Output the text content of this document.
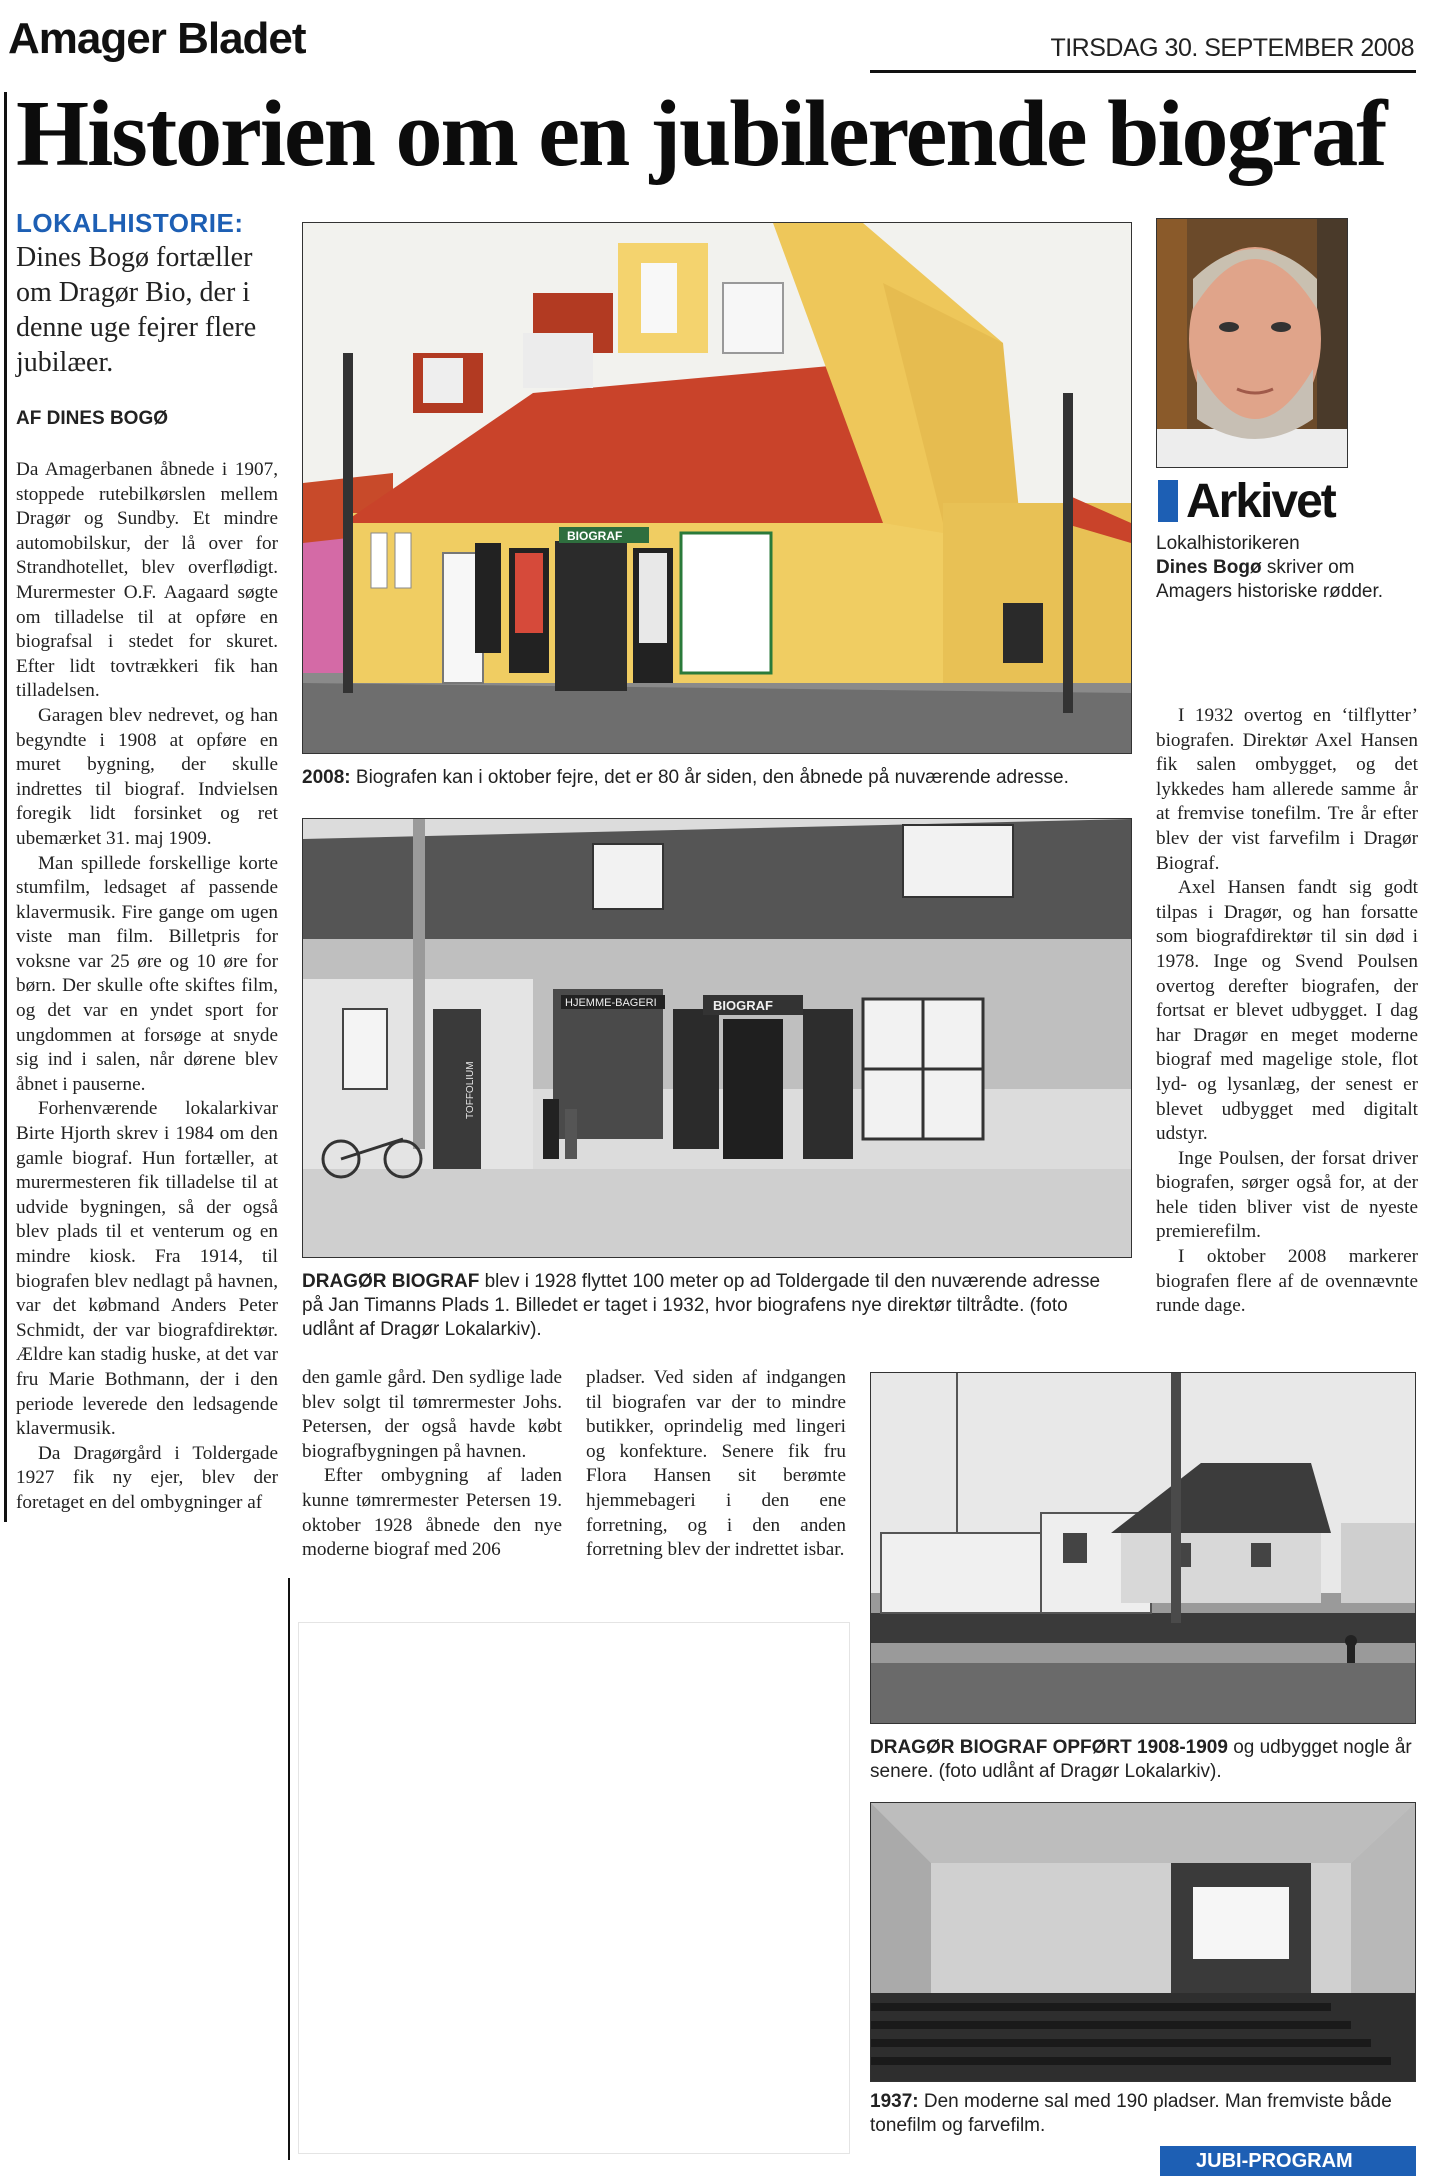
Amager Bladet	TIRSDAG 30. SEPTEMBER 2008
Historien om en jubilerende biograf
LOKALHISTORIE:
Dines Bogø fortæller om Dragør Bio, der i denne uge fejrer flere jubilæer.
AF DINES BOGØ

Da Amagerbanen åbnede i 1907, stoppede rutebilkørslen mellem Dragør og Sundby. Et mindre automobilskur, der lå over for Strandhotellet, blev overflødigt. Murermester O.F. Aagaard søgte om tilladelse til at opføre en biografsal i stedet for skuret. Efter lidt tovtrækkeri fik han tilladelsen.

Garagen blev nedrevet, og han begyndte i 1908 at opføre en muret bygning, der skulle indrettes til biograf. Indvielsen foregik lidt forsinket og ret ubemærket 31. maj 1909.

Man spillede forskellige korte stumfilm, ledsaget af passende klavermusik. Fire gange om ugen viste man film. Billetpris for voksne var 25 øre og 10 øre for børn. Der skulle ofte skiftes film, og det var en yndet sport for ungdommen at forsøge at snyde sig ind i salen, når dørene blev åbnet i pauserne.

Forhenværende lokalarkivar Birte Hjorth skrev i 1984 om den gamle biograf. Hun fortæller, at murermesteren fik tilladelse til at udvide bygningen, så der også blev plads til et venterum og en mindre kiosk. Fra 1914, til biografen blev nedlagt på havnen, var det købmand Anders Peter Schmidt, der var biografdirektør. Ældre kan stadig huske, at det var fru Marie Bothmann, der i den periode leverede den ledsagende klavermusik.

Da Dragørgård i Toldergade 1927 fik ny ejer, blev der foretaget en del ombygninger af

BIOGRAF
2008: Biografen kan i oktober fejre, det er 80 år siden, den åbnede på nuværende adresse.
HJEMME-BAGERI
TOFFOLIUM
BIOGRAF
DRAGØR BIOGRAF blev i 1928 flyttet 100 meter op ad Toldergade til den nuværende adresse på Jan Timanns Plads 1. Billedet er taget i 1932, hvor biografens nye direktør tiltrådte. (foto udlånt af Dragør Lokalarkiv).

den gamle gård. Den sydlige lade blev solgt til tømrermester Johs. Petersen, der også havde købt biografbygningen på havnen.

Efter ombygning af laden kunne tømrermester Petersen 19. oktober 1928 åbnede den nye moderne biograf med 206

pladser. Ved siden af indgangen til biografen var der to mindre butikker, oprindelig med lingeri og konfekture. Senere fik fru Flora Hansen sit berømte hjemmebageri i den ene forretning, og i den anden forretning blev der indrettet isbar.

Arkivet
Lokalhistorikeren
Dines Bogø skriver om Amagers historiske rødder.

I 1932 overtog en ‘tilflytter’ biografen. Direktør Axel Hansen fik salen ombygget, og det lykkedes ham allerede samme år at fremvise tonefilm. Tre år efter blev der vist farvefilm i Dragør Biograf.

Axel Hansen fandt sig godt tilpas i Dragør, og han forsatte som biografdirektør til sin død i 1978. Inge og Svend Poulsen overtog derefter biografen, der fortsat er blevet udbygget. I dag har Dragør en meget moderne biograf med magelige stole, flot lyd- og lysanlæg, der senest er blevet udbygget med digitalt udstyr.

Inge Poulsen, der forsat driver biografen, sørger også for, at der hele tiden bliver vist de nyeste premierefilm.

I oktober 2008 markerer biografen flere af de ovennævnte runde dage.

DRAGØR BIOGRAF OPFØRT 1908-1909 og udbygget nogle år senere. (foto udlånt af Dragør Lokalarkiv).
1937: Den moderne sal med 190 pladser. Man fremviste både tonefilm og farvefilm.
JUBI-PROGRAM
